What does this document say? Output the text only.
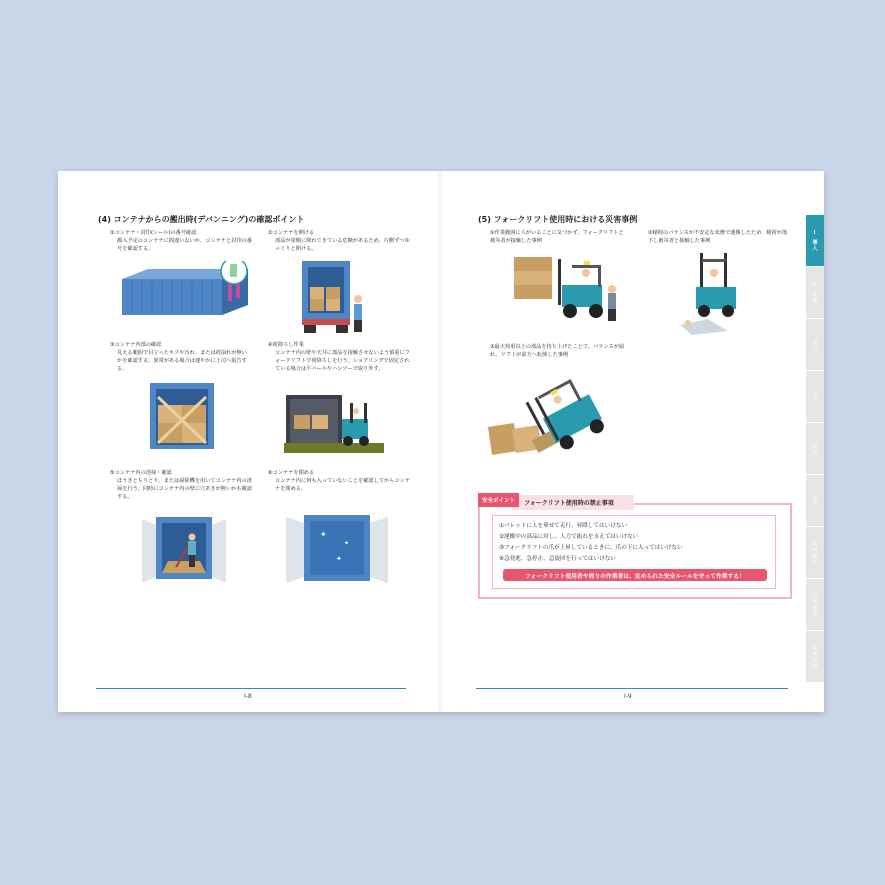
(4) コンテナからの搬出時(デバンニング)の確認ポイント
①コンテナ・封印(シール)の番号確認
搬入予定のコンテナに間違いないか、コンテナと封印の番号を確認する。
②コンテナを開ける
部品が扉側に倒れてきている危険があるため、片側ずつゆっくりと開ける。
③コンテナ内部の確認
見える範囲で目立ったキズや汚れ、または荷崩れが無いかを確認する。異常がある場合は速やかに上司へ報告する。
④荷降ろし作業
コンテナ内の壁や天井に部品を接触させないよう慎重にフォークリフトで荷降ろしを行う。ショアリングで固定されている場合は平バールやハンマーで取り外す。
⑤コンテナ内の清掃・確認
ほうきとちりとり、または掃除機を用いてコンテナ内の清掃を行う。同時にコンテナ内の壁に穴あきが無いかも確認する。
⑥コンテナを閉める
コンテナ内に何も入っていないことを確認してからコンテナを閉める。
✦
✦
✦
I-8
(5) フォークリフト使用時における災害事例
①作業範囲に人がいることに気づかず、フォークリフトと被災者が接触した事例
②積荷のバランスが不安定な状態で運搬したため、積荷が落下し被災者と接触した事例
③最大荷重以上の部品を持ち上げたことで、バランスが崩れ、リフトが前方へ転倒した事例
フォークリフト使用時の禁止事項
安全ポイント
①パレットに人を乗せて走行、昇降してはいけない
②運搬中の部品に対し、人力で振れを支えてはいけない
③フォークリフトの爪が上昇しているときに、爪の下に入ってはいけない
④急発進、急停止、急旋回を行ってはいけない
フォークリフト使用者や周りの作業者は、定められた安全ルールを守って作業する！
I-9
Ⅰ 導入
Ⅱ 基礎
受付
入荷
保管
出荷
国内輸送
海外輸送
基本知識
